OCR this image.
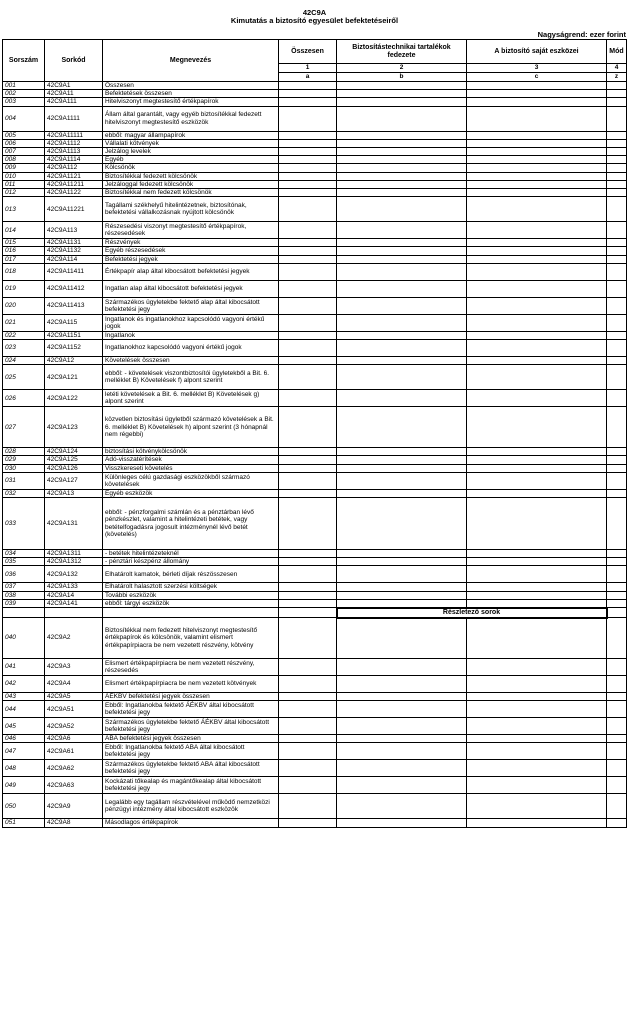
42C9A
Kimutatás a biztosító egyesület befektetéseiről
Nagyságrend: ezer forint
Sorszám	Sorkód	Megnevezés	Összesen	Biztosítástechnikai tartalékok fedezete	A biztosító saját eszközei	Mód
			1	2	3	4
			a	b	c	z
001	42C9A1	Összesen				
002	42C9A11	Befektetések összesen				
003	42C9A111	Hitelviszonyt megtestesítő értékpapírok				
004	42C9A1111	Állam által garantált, vagy egyéb biztosítékkal fedezett hitelviszonyt megtestesítő eszközök				
005	42C9A11111	ebből: magyar állampapírok				
006	42C9A1112	Vállalati kötvények				
007	42C9A1113	Jelzálog levelek				
008	42C9A1114	Egyéb				
009	42C9A112	Kölcsönök				
010	42C9A1121	Biztosítékkal fedezett kölcsönök				
011	42C9A11211	Jelzáloggal fedezett kölcsönök				
012	42C9A1122	Biztosítékkal nem fedezett kölcsönök				
013	42C9A11221	Tagállami székhelyű hitelintézetnek, biztosítónak, befektetési vállalkozásnak nyújtott kölcsönök				
014	42C9A113	Részesedési viszonyt megtestesítő értékpapírok, részesedések				
015	42C9A1131	Részvények				
016	42C9A1132	Egyéb részesedések				
017	42C9A114	Befektetési jegyek				
018	42C9A11411	Értékpapír alap által kibocsátott befektetési jegyek				
019	42C9A11412	Ingatlan alap által kibocsátott befektetési jegyek				
020	42C9A11413	Származékos ügyletekbe fektető alap által kibocsátott befektetési jegy				
021	42C9A115	Ingatlanok és ingatlanokhoz kapcsolódó vagyoni értékű jogok				
022	42C9A1151	Ingatlanok				
023	42C9A1152	Ingatlanokhoz kapcsolódó vagyoni értékű jogok				
024	42C9A12	Követelések összesen				
025	42C9A121	ebből: - követelések viszontbiztosítói ügyletekből a Bit. 6. melléklet B) Követelések f) alpont szerint				
026	42C9A122	letéti követelések a Bit. 6. melléklet B) Követelések g) alpont szerint				
027	42C9A123	közvetlen biztosítási ügyletből származó követelések a Bit. 6. melléklet B) Követelések h) alpont szerint (3 hónapnál nem régebbi)				
028	42C9A124	biztosítási kötvénykölcsönök				
029	42C9A125	Adó-visszatérítések				
030	42C9A126	Visszkereseti követelés				
031	42C9A127	Különleges célú gazdasági eszközökből származó követelések				
032	42C9A13	Egyéb eszközök				
033	42C9A131	ebből: - pénzforgalmi számlán és a pénztárban lévő pénzkészlet, valamint a hitelintézeti betétek, vagy betételfogadásra jogosult intézménynél lévő betét (követelés)				
034	42C9A1311	- betétek hitelintézeteknél				
035	42C9A1312	- pénztári készpénz állomány				
036	42C9A132	Elhatárolt kamatok, bérleti díjak részösszesen				
037	42C9A133	Elhatárolt halasztott szerzési költségek				
038	42C9A14	További eszközök				
039	42C9A141	ebből: tárgyi eszközök				
				Részletező sorok		
040	42C9A2	Biztosítékkal nem fedezett hitelviszonyt megtestesítő értékpapírok és kölcsönök, valamint elismert értékpapírpiacra be nem vezetett részvény, kötvény				
041	42C9A3	Elismert értékpapírpiacra be nem vezetett részvény, részesedés				
042	42C9A4	Elismert értékpapírpiacra be nem vezetett kötvények				
043	42C9A5	ÁÉKBV befektetési jegyek összesen				
044	42C9A51	Ebből: Ingatlanokba fektető ÁÉKBV által kibocsátott befektetési jegy				
045	42C9A52	Származékos ügyletekbe fektető ÁÉKBV által kibocsátott befektetési jegy				
046	42C9A6	ABA befektetési jegyek összesen				
047	42C9A61	Ebből: Ingatlanokba fektető ABA által kibocsátott befektetési jegy				
048	42C9A62	Származékos ügyletekbe fektető ABA által kibocsátott befektetési jegy				
049	42C9A63	Kockázati tőkealap és magántőkealap által kibocsátott befektetési jegy				
050	42C9A9	Legalább egy tagállam részvételével működő nemzetközi pénzügyi intézmény által kibocsátott eszközök				
051	42C9A8	Másodlagos értékpapírok				
